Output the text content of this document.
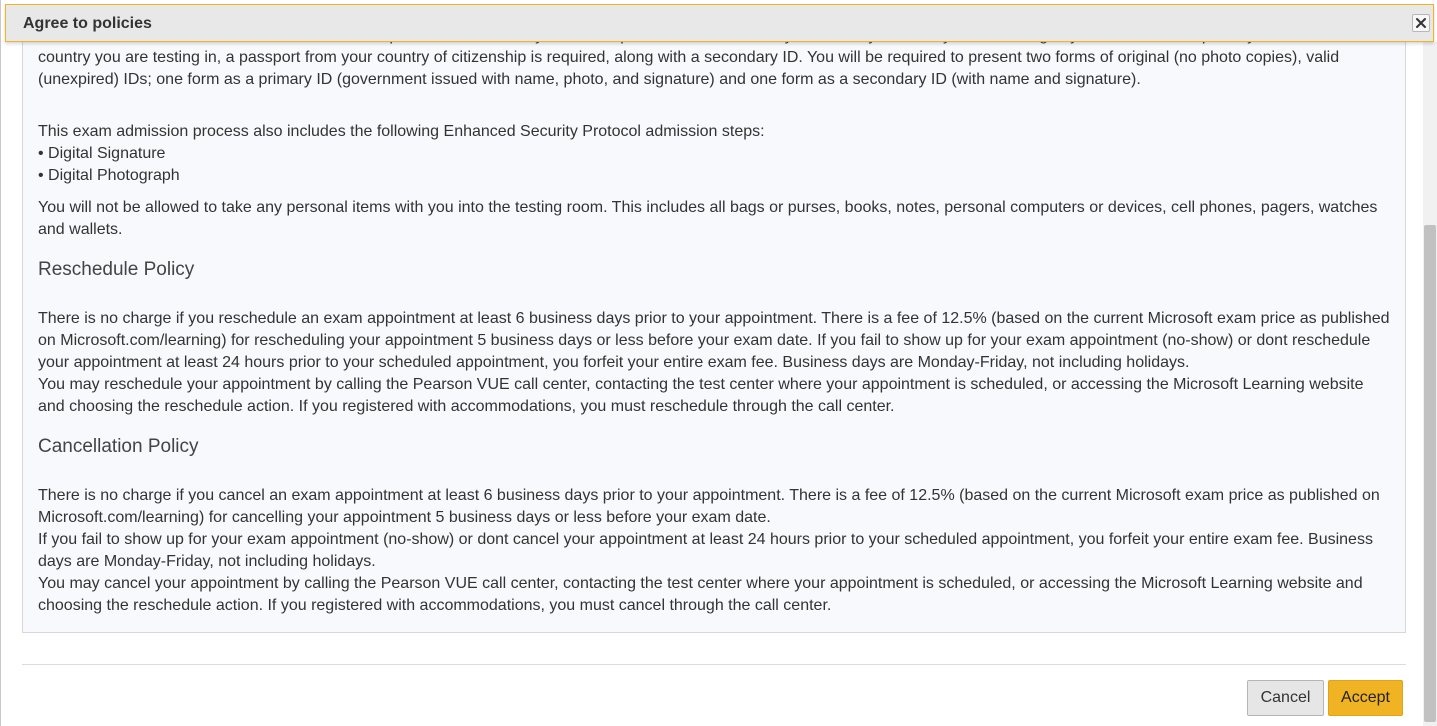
Agree to policies

country you are testing in, a passport from your country of citizenship is required, along with a secondary ID. You will be required to present two forms of original (no photo copies), valid (unexpired) IDs; one form as a primary ID (government issued with name, photo, and signature) and one form as a secondary ID (with name and signature).

This exam admission process also includes the following Enhanced Security Protocol admission steps:

• Digital Signature
• Digital Photograph

You will not be allowed to take any personal items with you into the testing room. This includes all bags or purses, books, notes, personal computers or devices, cell phones, pagers, watches and wallets.

Reschedule Policy

There is no charge if you reschedule an exam appointment at least 6 business days prior to your appointment. There is a fee of 12.5% (based on the current Microsoft exam price as published on Microsoft.com/learning) for rescheduling your appointment 5 business days or less before your exam date. If you fail to show up for your exam appointment (no-show) or dont reschedule your appointment at least 24 hours prior to your scheduled appointment, you forfeit your entire exam fee. Business days are Monday-Friday, not including holidays.

You may reschedule your appointment by calling the Pearson VUE call center, contacting the test center where your appointment is scheduled, or accessing the Microsoft Learning website and choosing the reschedule action. If you registered with accommodations, you must reschedule through the call center.

Cancellation Policy

There is no charge if you cancel an exam appointment at least 6 business days prior to your appointment. There is a fee of 12.5% (based on the current Microsoft exam price as published on Microsoft.com/learning) for cancelling your appointment 5 business days or less before your exam date.

If you fail to show up for your exam appointment (no-show) or dont cancel your appointment at least 24 hours prior to your scheduled appointment, you forfeit your entire exam fee. Business days are Monday-Friday, not including holidays.

You may cancel your appointment by calling the Pearson VUE call center, contacting the test center where your appointment is scheduled, or accessing the Microsoft Learning website and choosing the reschedule action. If you registered with accommodations, you must cancel through the call center.

Cancel	Accept
